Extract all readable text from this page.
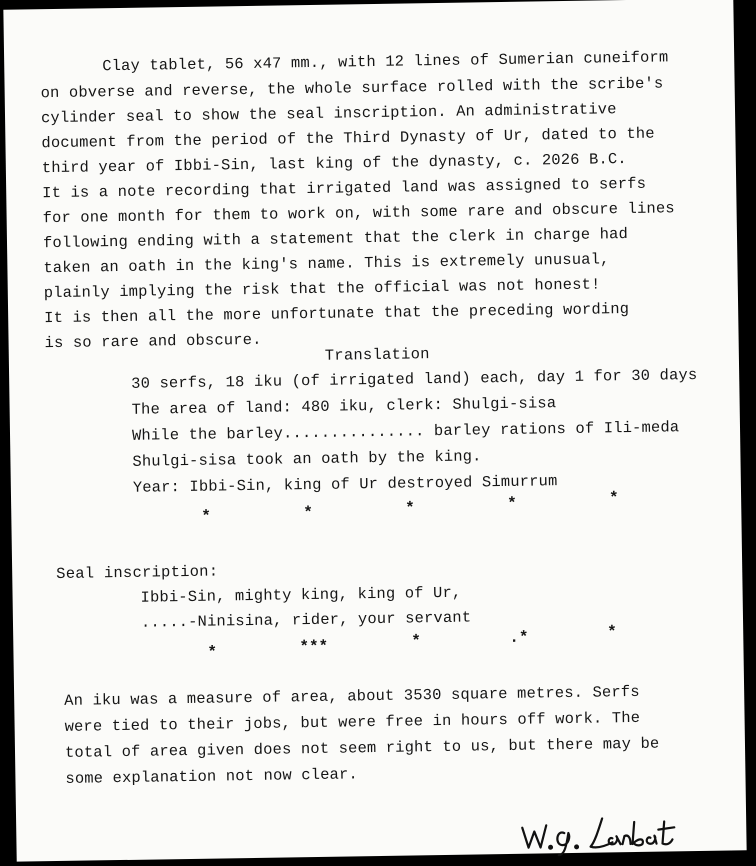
Clay tablet, 56 x47 mm., with 12 lines of Sumerian cuneiform
on obverse and reverse, the whole surface rolled with the scribe's
cylinder seal to show the seal inscription. An administrative
document from the period of the Third Dynasty of Ur, dated to the
third year of Ibbi-Sin, last king of the dynasty, c. 2026 B.C.
It is a note recording that irrigated land was assigned to serfs
for one month for them to work on, with some rare and obscure lines
following ending with a statement that the clerk in charge had
taken an oath in the king's name. This is extremely unusual,
plainly implying the risk that the official was not honest!
It is then all the more unfortunate that the preceding wording
is so rare and obscure.
Translation
30 serfs, 18 iku (of irrigated land) each, day 1 for 30 days
The area of land: 480 iku, clerk: Shulgi-sisa
While the barley............... barley rations of Ili-meda
Shulgi-sisa took an oath by the king.
Year: Ibbi-Sin, king of Ur destroyed Simurrum
*	*	*	*	*
Seal inscription:
Ibbi-Sin, mighty king, king of Ur,
.....-Ninisina, rider, your servant
*	***	*	.*	*
An iku was a measure of area, about 3530 square metres. Serfs
were tied to their jobs, but were free in hours off work. The
total of area given does not seem right to us, but there may be
some explanation not now clear.
